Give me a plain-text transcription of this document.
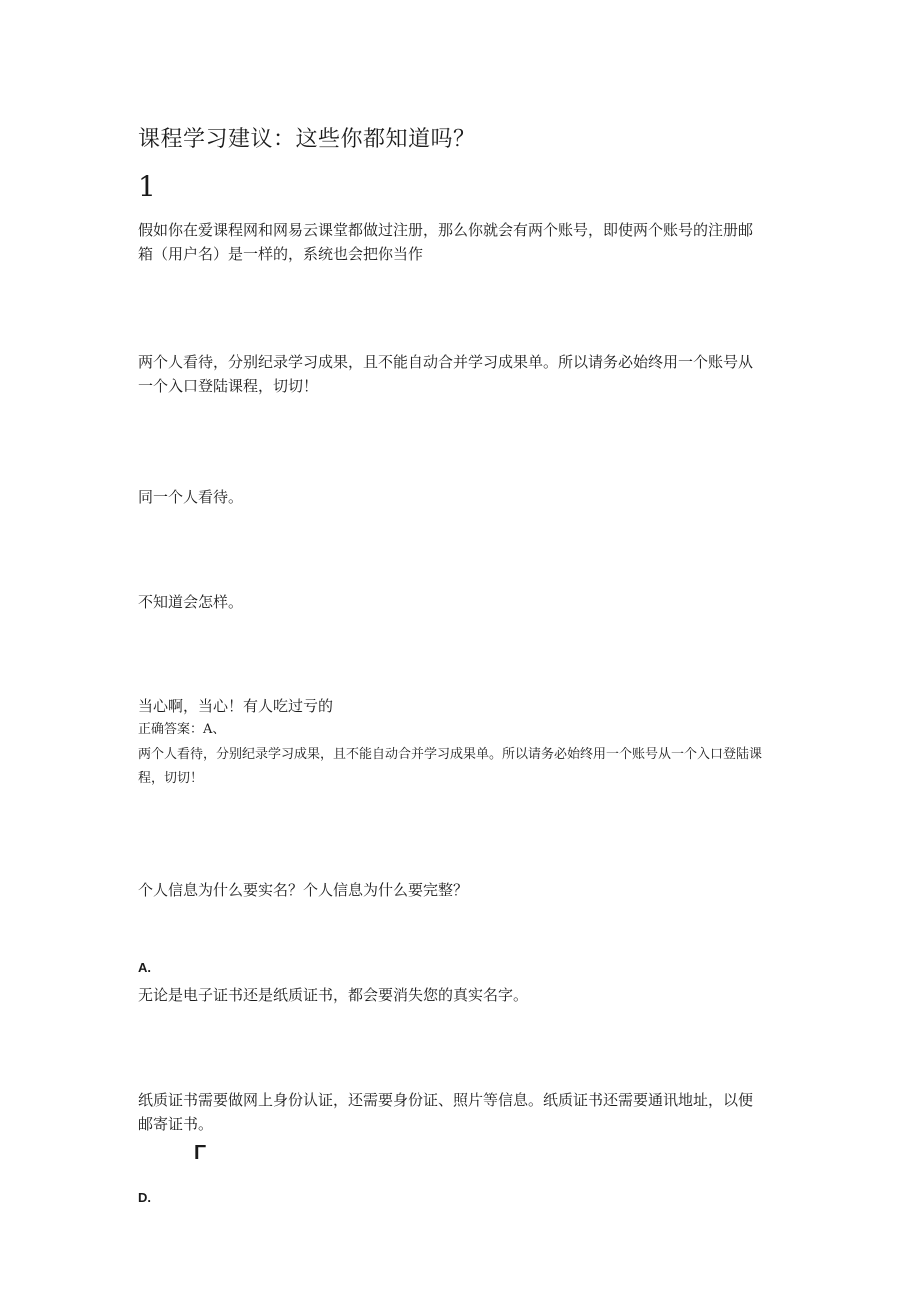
课程学习建议：这些你都知道吗？
1
假如你在爱课程网和网易云课堂都做过注册，那么你就会有两个账号，即使两个账号的注册邮
箱（用户名）是一样的，系统也会把你当作
两个人看待，分别纪录学习成果，且不能自动合并学习成果单。所以请务必始终用一个账号从
一个入口登陆课程，切切！
同一个人看待。
不知道会怎样。
当心啊，当心！有人吃过亏的
正确答案：A、
两个人看待，分别纪录学习成果，且不能自动合并学习成果单。所以请务必始终用一个账号从一个入口登陆课
程，切切！
个人信息为什么要实名？个人信息为什么要完整？
A.
无论是电子证书还是纸质证书，都会要消失您的真实名字。
纸质证书需要做网上身份认证，还需要身份证、照片等信息。纸质证书还需要通讯地址，以便
邮寄证书。
Γ
D.
